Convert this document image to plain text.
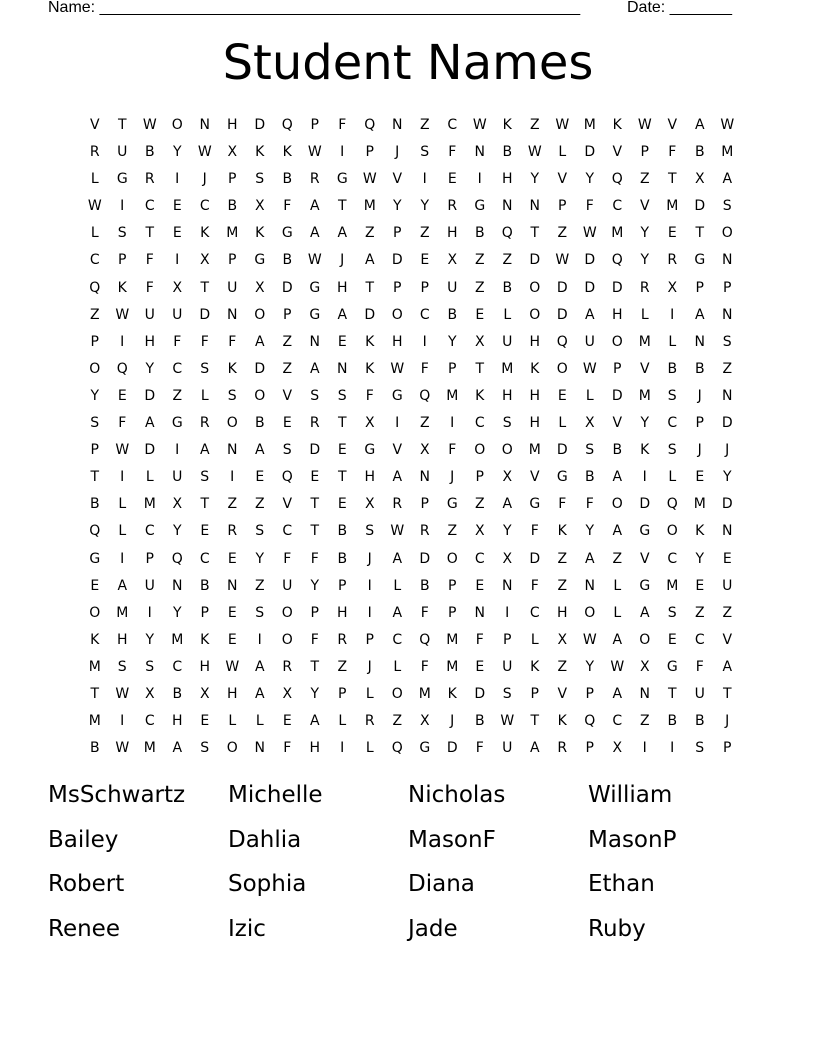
Name: ______________________________________________________	Date: _______
Student Names
V	T	W	O	N	H	D	Q	P	F	Q	N	Z	C	W	K	Z	W	M	K	W	V	A	W
R	U	B	Y	W	X	K	K	W	I	P	J	S	F	N	B	W	L	D	V	P	F	B	M
L	G	R	I	J	P	S	B	R	G	W	V	I	E	I	H	Y	V	Y	Q	Z	T	X	A
W	I	C	E	C	B	X	F	A	T	M	Y	Y	R	G	N	N	P	F	C	V	M	D	S
L	S	T	E	K	M	K	G	A	A	Z	P	Z	H	B	Q	T	Z	W	M	Y	E	T	O
C	P	F	I	X	P	G	B	W	J	A	D	E	X	Z	Z	D	W	D	Q	Y	R	G	N
Q	K	F	X	T	U	X	D	G	H	T	P	P	U	Z	B	O	D	D	D	R	X	P	P
Z	W	U	U	D	N	O	P	G	A	D	O	C	B	E	L	O	D	A	H	L	I	A	N
P	I	H	F	F	F	A	Z	N	E	K	H	I	Y	X	U	H	Q	U	O	M	L	N	S
O	Q	Y	C	S	K	D	Z	A	N	K	W	F	P	T	M	K	O	W	P	V	B	B	Z
Y	E	D	Z	L	S	O	V	S	S	F	G	Q	M	K	H	H	E	L	D	M	S	J	N
S	F	A	G	R	O	B	E	R	T	X	I	Z	I	C	S	H	L	X	V	Y	C	P	D
P	W	D	I	A	N	A	S	D	E	G	V	X	F	O	O	M	D	S	B	K	S	J	J
T	I	L	U	S	I	E	Q	E	T	H	A	N	J	P	X	V	G	B	A	I	L	E	Y
B	L	M	X	T	Z	Z	V	T	E	X	R	P	G	Z	A	G	F	F	O	D	Q	M	D
Q	L	C	Y	E	R	S	C	T	B	S	W	R	Z	X	Y	F	K	Y	A	G	O	K	N
G	I	P	Q	C	E	Y	F	F	B	J	A	D	O	C	X	D	Z	A	Z	V	C	Y	E
E	A	U	N	B	N	Z	U	Y	P	I	L	B	P	E	N	F	Z	N	L	G	M	E	U
O	M	I	Y	P	E	S	O	P	H	I	A	F	P	N	I	C	H	O	L	A	S	Z	Z
K	H	Y	M	K	E	I	O	F	R	P	C	Q	M	F	P	L	X	W	A	O	E	C	V
M	S	S	C	H	W	A	R	T	Z	J	L	F	M	E	U	K	Z	Y	W	X	G	F	A
T	W	X	B	X	H	A	X	Y	P	L	O	M	K	D	S	P	V	P	A	N	T	U	T
M	I	C	H	E	L	L	E	A	L	R	Z	X	J	B	W	T	K	Q	C	Z	B	B	J
B	W	M	A	S	O	N	F	H	I	L	Q	G	D	F	U	A	R	P	X	I	I	S	P
MsSchwartz	Michelle	Nicholas	William
Bailey	Dahlia	MasonF	MasonP
Robert	Sophia	Diana	Ethan
Renee	Izic	Jade	Ruby
